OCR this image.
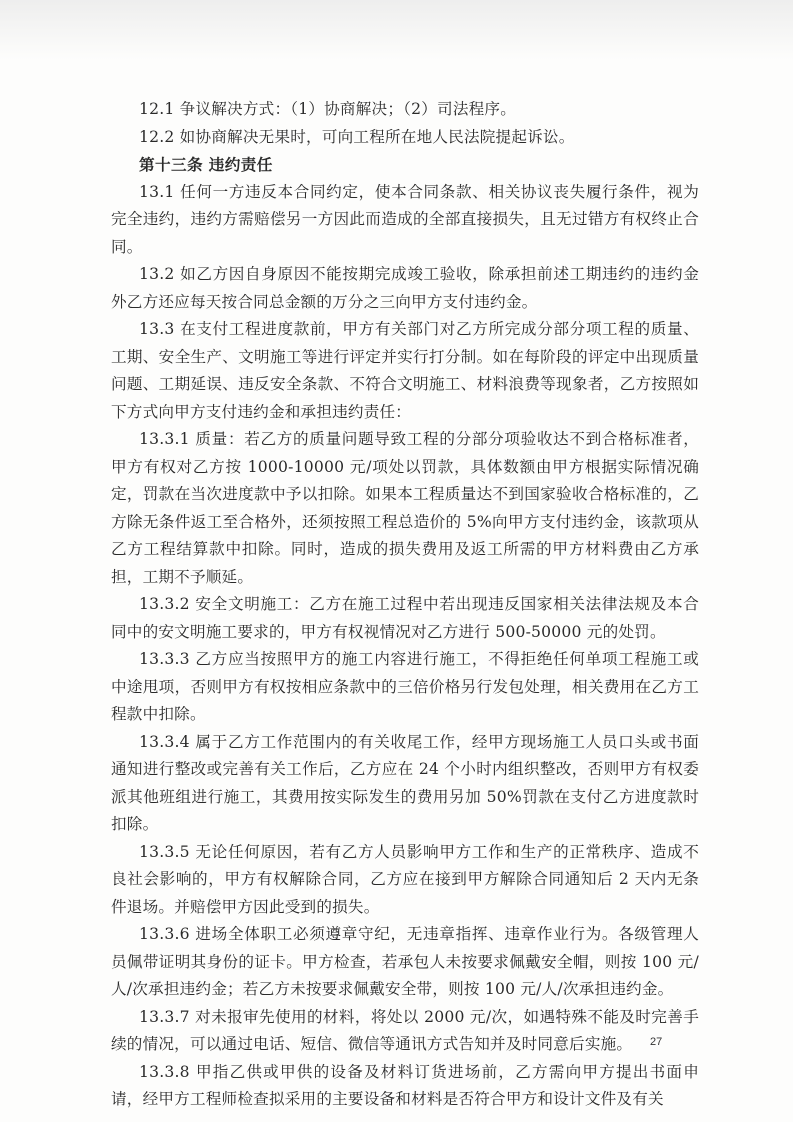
12.1 争议解决方式：（1）协商解决；（2）司法程序。

12.2 如协商解决无果时，可向工程所在地人民法院提起诉讼。

第十三条 违约责任

13.1 任何一方违反本合同约定，使本合同条款、相关协议丧失履行条件，视为完全违约，违约方需赔偿另一方因此而造成的全部直接损失，且无过错方有权终止合同。

13.2 如乙方因自身原因不能按期完成竣工验收，除承担前述工期违约的违约金外乙方还应每天按合同总金额的万分之三向甲方支付违约金。

13.3 在支付工程进度款前，甲方有关部门对乙方所完成分部分项工程的质量、工期、安全生产、文明施工等进行评定并实行打分制。如在每阶段的评定中出现质量问题、工期延误、违反安全条款、不符合文明施工、材料浪费等现象者，乙方按照如下方式向甲方支付违约金和承担违约责任：

13.3.1 质量：若乙方的质量问题导致工程的分部分项验收达不到合格标准者，甲方有权对乙方按 1000-10000 元/项处以罚款，具体数额由甲方根据实际情况确定，罚款在当次进度款中予以扣除。如果本工程质量达不到国家验收合格标准的，乙方除无条件返工至合格外，还须按照工程总造价的 5%向甲方支付违约金，该款项从乙方工程结算款中扣除。同时，造成的损失费用及返工所需的甲方材料费由乙方承担，工期不予顺延。

13.3.2 安全文明施工：乙方在施工过程中若出现违反国家相关法律法规及本合同中的安文明施工要求的，甲方有权视情况对乙方进行 500-50000 元的处罚。

13.3.3 乙方应当按照甲方的施工内容进行施工，不得拒绝任何单项工程施工或中途甩项，否则甲方有权按相应条款中的三倍价格另行发包处理，相关费用在乙方工程款中扣除。

13.3.4 属于乙方工作范围内的有关收尾工作，经甲方现场施工人员口头或书面通知进行整改或完善有关工作后，乙方应在 24 个小时内组织整改，否则甲方有权委派其他班组进行施工，其费用按实际发生的费用另加 50%罚款在支付乙方进度款时扣除。

13.3.5 无论任何原因，若有乙方人员影响甲方工作和生产的正常秩序、造成不良社会影响的，甲方有权解除合同，乙方应在接到甲方解除合同通知后 2 天内无条件退场。并赔偿甲方因此受到的损失。

13.3.6 进场全体职工必须遵章守纪，无违章指挥、违章作业行为。各级管理人员佩带证明其身份的证卡。甲方检查，若承包人未按要求佩戴安全帽，则按 100 元/人/次承担违约金；若乙方未按要求佩戴安全带，则按 100 元/人/次承担违约金。

13.3.7 对未报审先使用的材料，将处以 2000 元/次，如遇特殊不能及时完善手续的情况，可以通过电话、短信、微信等通讯方式告知并及时同意后实施。

13.3.8 甲指乙供或甲供的设备及材料订货进场前，乙方需向甲方提出书面申请，经甲方工程师检查拟采用的主要设备和材料是否符合甲方和设计文件及有关

27
